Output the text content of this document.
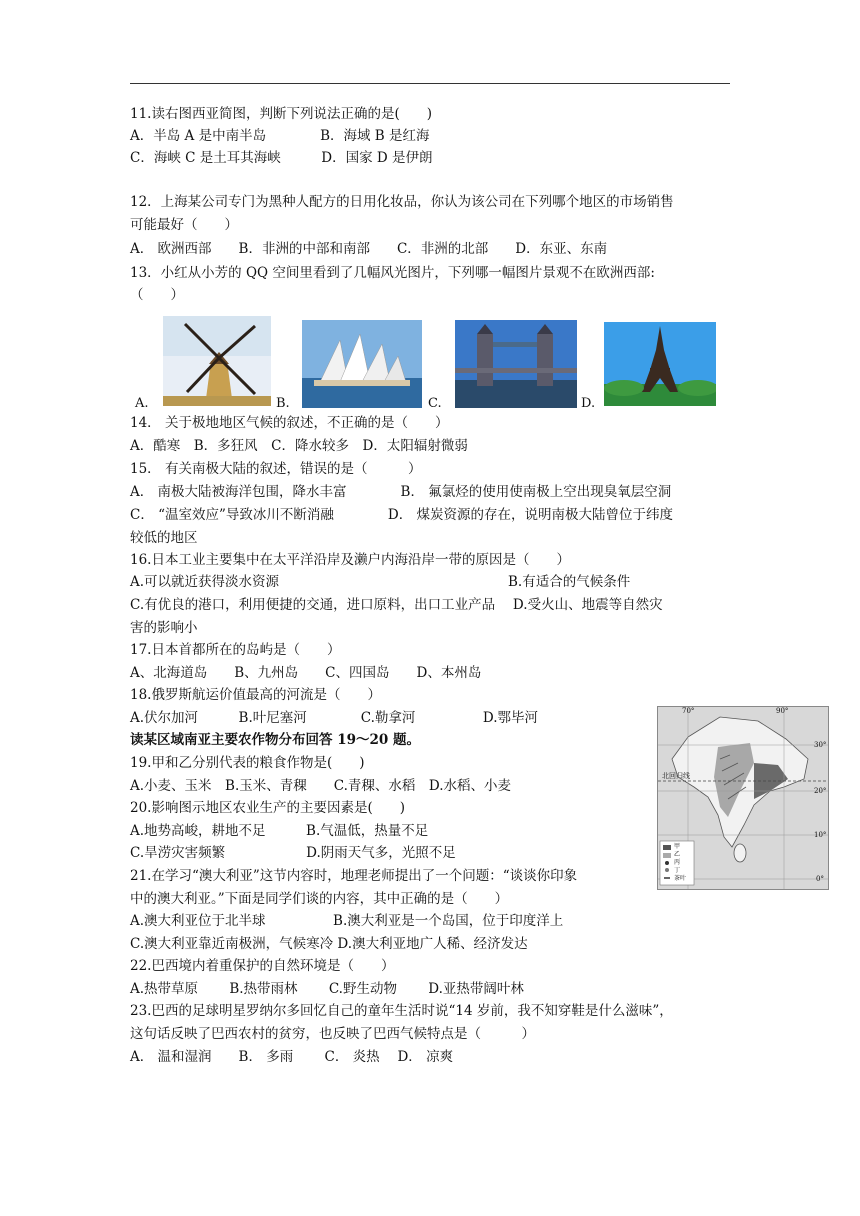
11.读右图西亚简图，判断下列说法正确的是(　　)
A．半岛 A 是中南半岛　　　　B．海域 B 是红海
C．海峡 C 是土耳其海峡　　　D．国家 D 是伊朗
12．上海某公司专门为黑种人配方的日用化妆品，你认为该公司在下列哪个地区的市场销售
可能最好（　　）
A． 欧洲西部　　B．非洲的中部和南部　　C．非洲的北部　　D．东亚、东南
13．小红从小芳的 QQ 空间里看到了几幅风光图片，下列哪一幅图片景观不在欧洲西部:
（　　）
A.	B.	C.	D.
14． 关于极地地区气候的叙述，不正确的是（　　）
A．酷寒　B．多狂风　C．降水较多　D．太阳辐射微弱
15． 有关南极大陆的叙述，错误的是（　　　）
A． 南极大陆被海洋包围，降水丰富　　　　B． 氟氯烃的使用使南极上空出现臭氧层空洞
C． “温室效应”导致冰川不断消融　　　　D． 煤炭资源的存在，说明南极大陆曾位于纬度
较低的地区
16.日本工业主要集中在太平洋沿岸及濑户内海沿岸一带的原因是（　　）
A.可以就近获得淡水资源	B.有适合的气候条件
C.有优良的港口，利用便捷的交通，进口原料，出口工业产品　 D.受火山、地震等自然灾
害的影响小
17.日本首都所在的岛屿是（　　）
A、北海道岛　　B、九州岛　　C、四国岛　　D、本州岛
18.俄罗斯航运价值最高的河流是（　　）
A.伏尔加河　　　B.叶尼塞河　　　　C.勒拿河　　　　　D.鄂毕河
读某区域南亚主要农作物分布回答 19～20 题。
19.甲和乙分别代表的粮食作物是(　　)
A.小麦、玉米　B.玉米、青稞　　C.青稞、水稻　D.水稻、小麦
20.影响图示地区农业生产的主要因素是(　　)
A.地势高峻，耕地不足　　　B.气温低，热量不足
C.旱涝灾害频繁　　　　　　D.阴雨天气多，光照不足
21.在学习“澳大利亚”这节内容时，地理老师提出了一个问题：“谈谈你印象
中的澳大利亚。”下面是同学们谈的内容，其中正确的是（　　）
A.澳大利亚位于北半球　　　　　B.澳大利亚是一个岛国，位于印度洋上
C.澳大利亚靠近南极洲，气候寒冷 D.澳大利亚地广人稀、经济发达
22.巴西境内着重保护的自然环境是（　　）
A.热带草原　　 B.热带雨林　　 C.野生动物　　 D.亚热带阔叶林
23.巴西的足球明星罗纳尔多回忆自己的童年生活时说“14 岁前，我不知穿鞋是什么滋味”，
这句话反映了巴西农村的贫穷，也反映了巴西气候特点是（　　　）
A． 温和湿润　　B． 多雨　　 C． 炎热　 D． 凉爽
70°	90°
30°
20°
10°
0°
北回归线
甲
乙
丙
丁
茶叶
